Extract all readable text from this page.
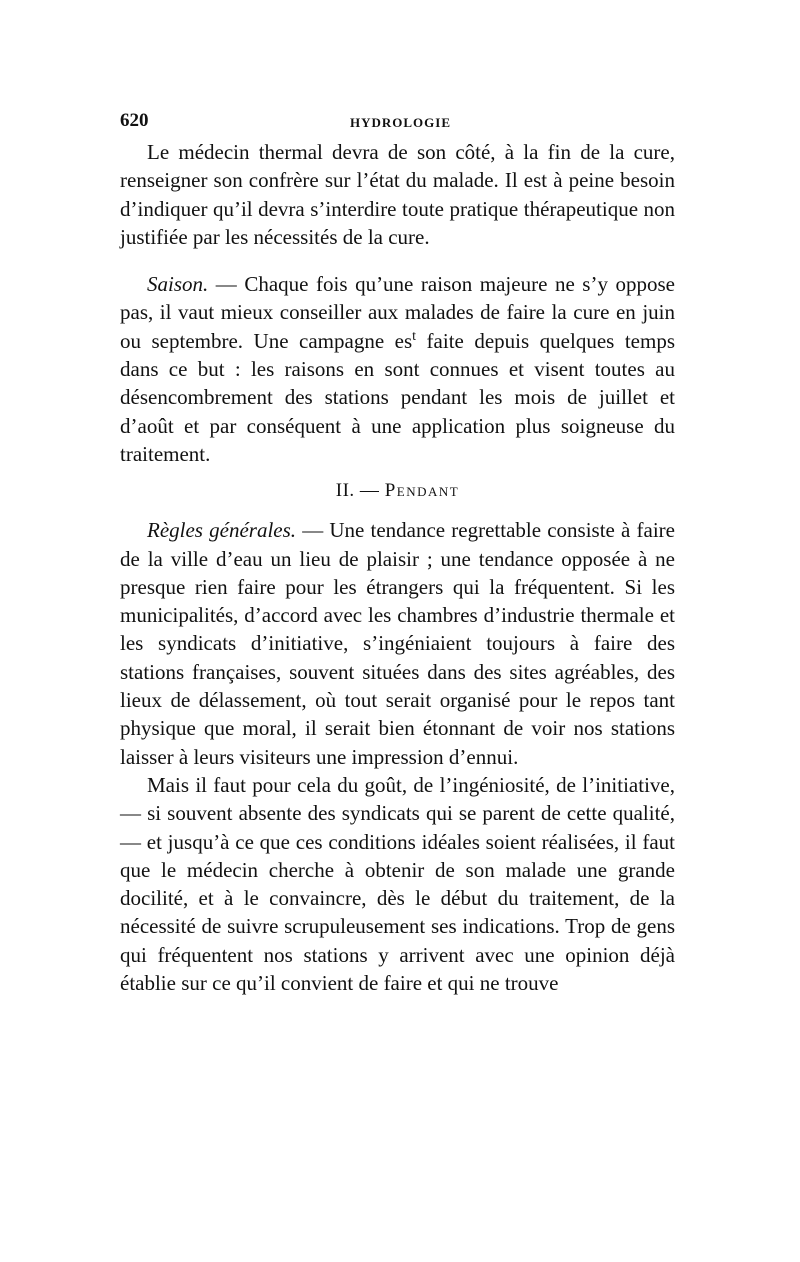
620	HYDROLOGIE

Le médecin thermal devra de son côté, à la fin de la cure, renseigner son confrère sur l’état du malade. Il est à peine besoin d’indiquer qu’il devra s’interdire toute pratique thérapeutique non justifiée par les nécessités de la cure.

Saison. — Chaque fois qu’une raison majeure ne s’y oppose pas, il vaut mieux conseiller aux malades de faire la cure en juin ou septembre. Une campagne $es^t$ faite depuis quelques temps dans ce but : les raisons en sont connues et visent toutes au désencombrement des stations pendant les mois de juillet et d’août et par conséquent à une application plus soigneuse du traitement.

II. — Pendant

Règles générales. — Une tendance regrettable consiste à faire de la ville d’eau un lieu de plaisir ; une tendance opposée à ne presque rien faire pour les étrangers qui la fréquentent. Si les municipalités, d’accord avec les chambres d’industrie thermale et les syndicats d’initiative, s’ingéniaient toujours à faire des stations françaises, souvent situées dans des sites agréables, des lieux de délassement, où tout serait organisé pour le repos tant physique que moral, il serait bien étonnant de voir nos stations laisser à leurs visiteurs une impression d’ennui.

Mais il faut pour cela du goût, de l’ingéniosité, de l’initiative, — si souvent absente des syndicats qui se parent de cette qualité, — et jusqu’à ce que ces conditions idéales soient réalisées, il faut que le médecin cherche à obtenir de son malade une grande docilité, et à le convaincre, dès le début du traitement, de la nécessité de suivre scrupuleusement ses indications. Trop de gens qui fréquentent nos stations y arrivent avec une opinion déjà établie sur ce qu’il convient de faire et qui ne trouve
